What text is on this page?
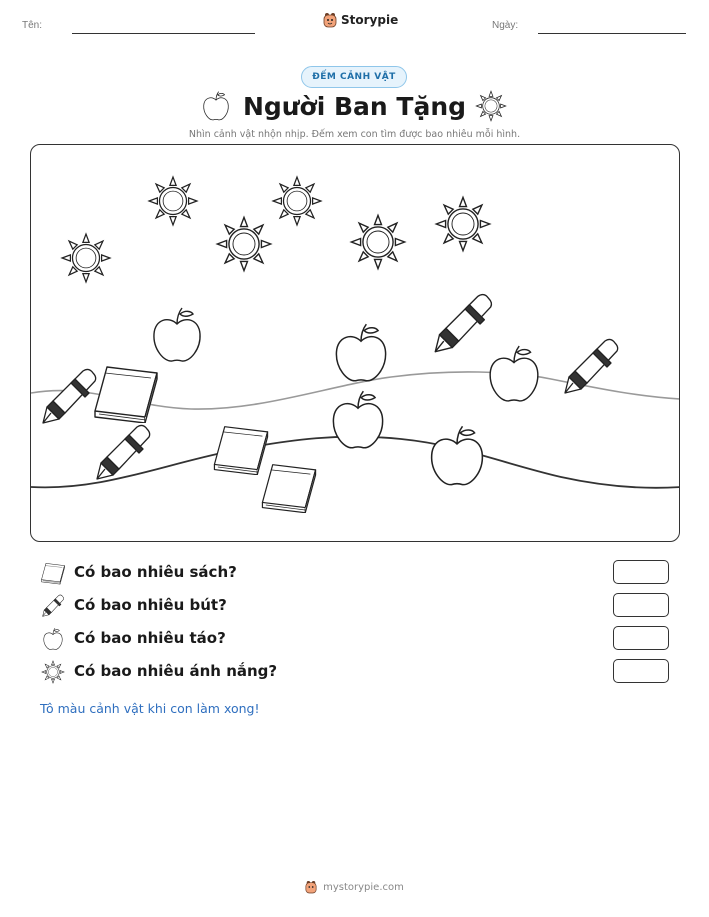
Tên:	Ngày:
Storypie
ĐẾM CẢNH VẬT
Người Ban Tặng
Nhìn cảnh vật nhộn nhịp. Đếm xem con tìm được bao nhiêu mỗi hình.
Có bao nhiêu sách?
Có bao nhiêu bút?
Có bao nhiêu táo?
Có bao nhiêu ánh nắng?
Tô màu cảnh vật khi con làm xong!
mystorypie.com
